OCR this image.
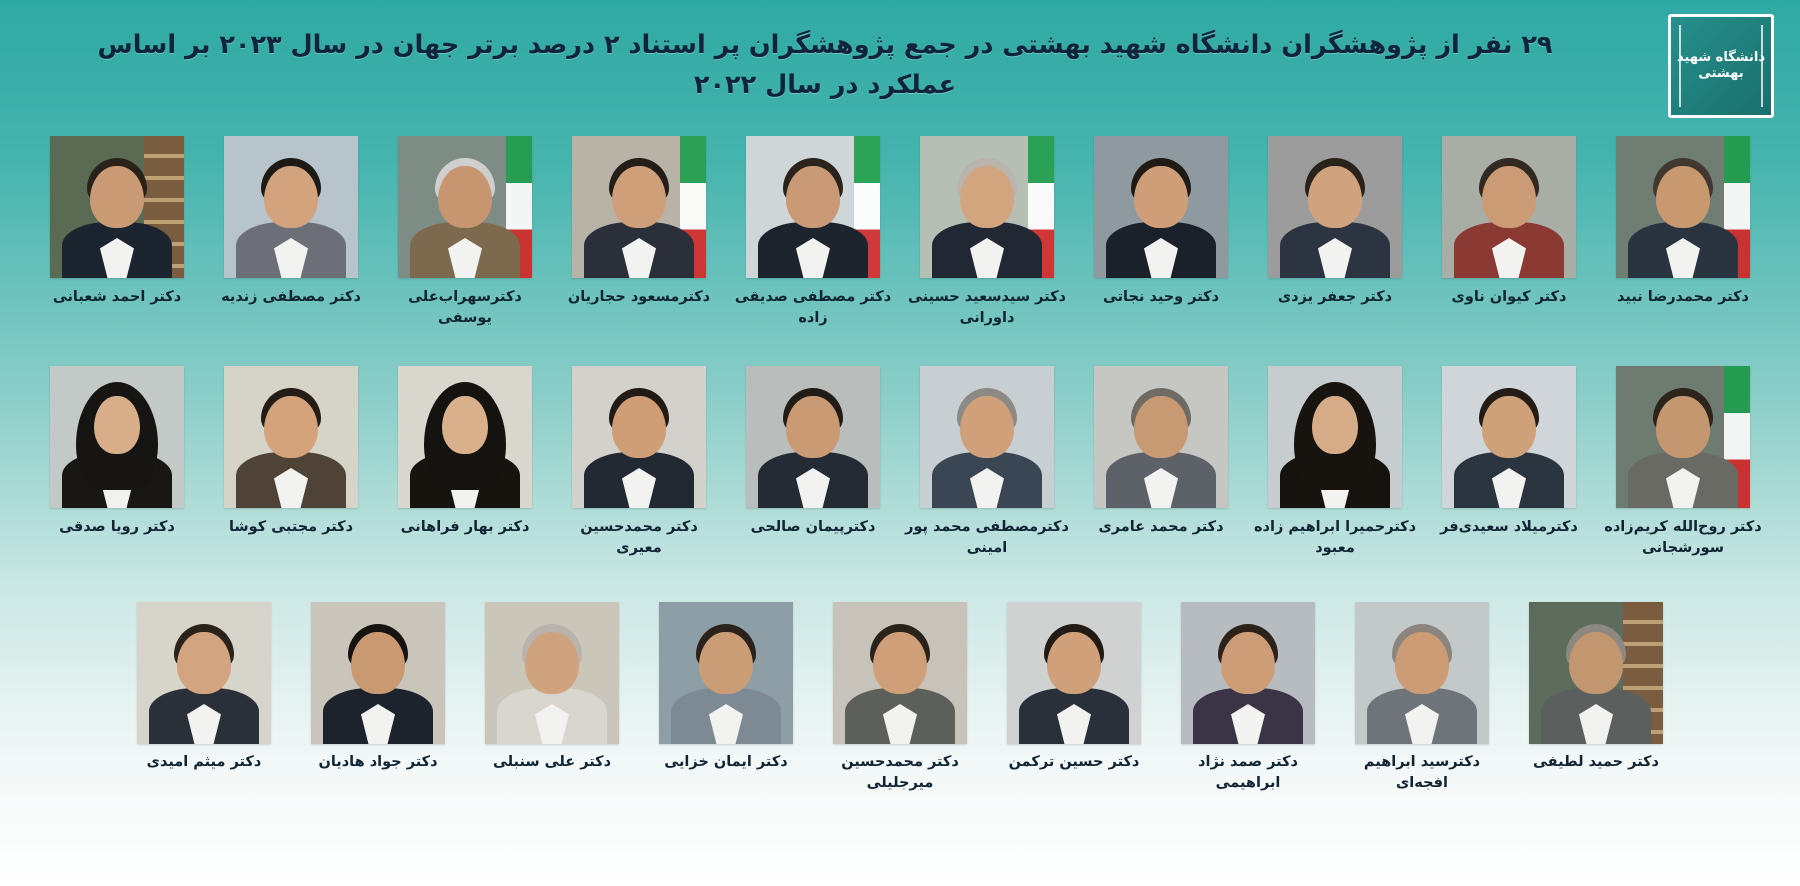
۲۹ نفر از پژوهشگران دانشگاه شهید بهشتی در جمع پژوهشگران پر استناد ۲ درصد برتر جهان در سال ۲۰۲۳ بر اساس عملکرد در سال ۲۰۲۲
دانشگاه شهید بهشتی
دکتر احمد شعبانی	دکتر مصطفی زندیه	دکترسهراب‌علی یوسفی
دکترمسعود حجاریان	دکتر مصطفی صدیقی زاده
دکتر سیدسعید حسینی داورانی
دکتر وحید نجاتی	دکتر جعفر یزدی	دکتر کیوان ناوی	دکتر محمدرضا نبید
دکتر رویا صدقی	دکتر مجتبی کوشا	دکتر بهار فراهانی	دکتر محمدحسین معیری
دکترپیمان صالحی	دکترمصطفی محمد پور امینی
دکتر محمد عامری	دکترحمیرا ابراهیم زاده معبود
دکترمیلاد سعیدی‌فر	دکتر روح‌الله کریم‌زاده سورشجانی
دکتر میثم امیدی	دکتر جواد هادیان	دکتر علی سنبلی	دکتر ایمان خزایی	دکتر محمدحسین میرجلیلی
دکتر حسین ترکمن	دکتر صمد نژاد ابراهیمی
دکترسید ابراهیم افجه‌ای
دکتر حمید لطیفی
